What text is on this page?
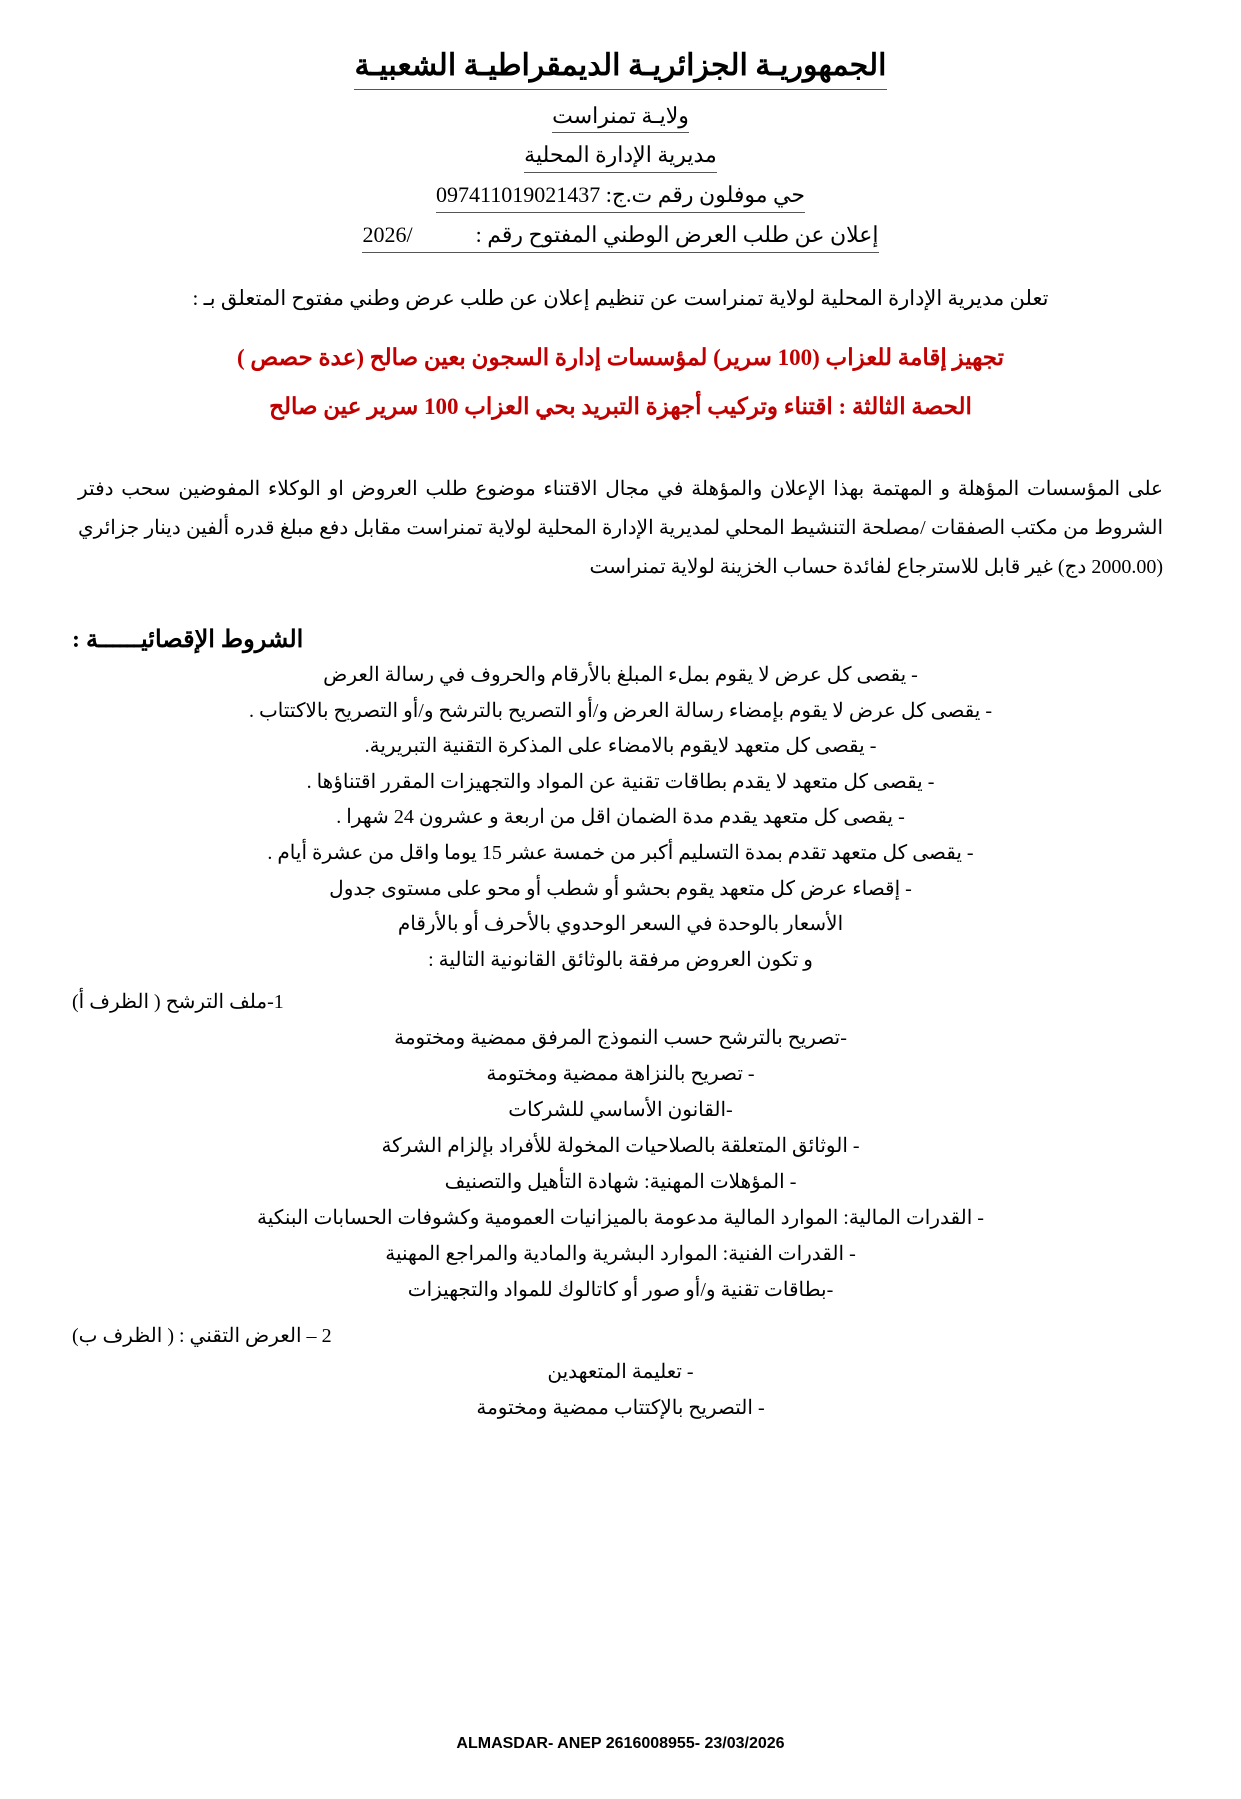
الجمهوريـة الجزائريـة الديمقراطيـة الشعبيـة
ولايـة تمنراست
مديرية الإدارة المحلية
حي موفلون رقم ت.ج: 097411019021437
إعلان عن طلب العرض الوطني المفتوح رقم :  2026/
تعلن مديرية الإدارة المحلية لولاية تمنراست عن تنظيم إعلان عن طلب عرض وطني مفتوح المتعلق بـ :
تجهيز إقامة للعزاب (100 سرير) لمؤسسات إدارة السجون بعين صالح (عدة حصص )
الحصة الثالثة : اقتناء وتركيب أجهزة التبريد بحي العزاب 100 سرير عين صالح
على المؤسسات المؤهلة و المهتمة بهذا الإعلان والمؤهلة في مجال الاقتناء موضوع طلب العروض او الوكلاء المفوضين سحب دفتر الشروط من مكتب الصفقات /مصلحة التنشيط المحلي لمديرية الإدارة المحلية لولاية تمنراست مقابل دفع مبلغ قدره ألفين دينار جزائري (2000.00 دج) غير قابل للاسترجاع لفائدة حساب الخزينة لولاية تمنراست
الشروط الإقصائيــــــة :
- يقصى كل عرض لا يقوم بملء المبلغ بالأرقام والحروف في رسالة العرض
- يقصى كل عرض لا يقوم بإمضاء رسالة العرض و/أو التصريح بالترشح و/أو التصريح بالاكتتاب .
- يقصى كل متعهد لايقوم بالامضاء على المذكرة التقنية التبريرية.
- يقصى كل متعهد لا يقدم بطاقات تقنية عن المواد والتجهيزات المقرر اقتناؤها .
- يقصى كل متعهد يقدم مدة الضمان اقل من اربعة و عشرون 24 شهرا .
- يقصى كل متعهد تقدم بمدة التسليم أكبر من خمسة عشر 15 يوما واقل من عشرة أيام .
- إقصاء عرض كل متعهد يقوم بحشو أو شطب أو محو على مستوى جدول
الأسعار بالوحدة في السعر الوحدوي بالأحرف أو بالأرقام
و تكون العروض مرفقة بالوثائق القانونية التالية :
1-ملف الترشح ( الظرف أ)
-تصريح بالترشح حسب النموذج المرفق ممضية ومختومة
- تصريح بالنزاهة ممضية ومختومة
-القانون الأساسي للشركات
- الوثائق المتعلقة بالصلاحيات المخولة للأفراد بإلزام الشركة
- المؤهلات المهنية: شهادة التأهيل والتصنيف
- القدرات المالية: الموارد المالية مدعومة بالميزانيات العمومية وكشوفات الحسابات البنكية
- القدرات الفنية: الموارد البشرية والمادية والمراجع المهنية
-بطاقات تقنية و/أو صور أو كاتالوك للمواد والتجهيزات
2 – العرض التقني : ( الظرف ب)
- تعليمة المتعهدين
- التصريح بالإكتتاب ممضية ومختومة
ALMASDAR- ANEP 2616008955- 23/03/2026
